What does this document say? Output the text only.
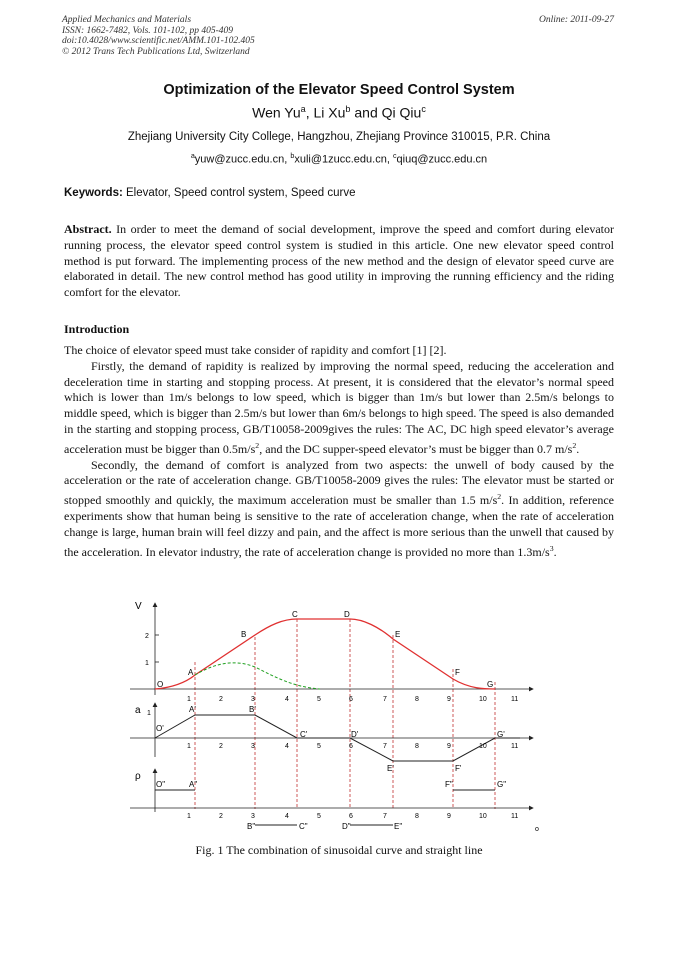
Applied Mechanics and Materials
ISSN: 1662-7482, Vols. 101-102, pp 405-409
doi:10.4028/www.scientific.net/AMM.101-102.405
© 2012 Trans Tech Publications Ltd, Switzerland
Online: 2011-09-27
Optimization of the Elevator Speed Control System
Wen Yu$^a$, Li Xu$^b$ and Qi Qiu$^c$
Zhejiang University City College, Hangzhou, Zhejiang Province 310015, P.R. China
$^a$yuw@zucc.edu.cn, $^b$xuli@1zucc.edu.cn, $^c$qiuq@zucc.edu.cn
Keywords: Elevator, Speed control system, Speed curve

Abstract. In order to meet the demand of social development, improve the speed and comfort during elevator running process, the elevator speed control system is studied in this article. One new elevator speed control method is put forward. The implementing process of the new method and the design of elevator speed curve are elaborated in detail. The new control method has good utility in improving the running efficiency and the riding comfort for the elevator.

Introduction

The choice of elevator speed must take consider of rapidity and comfort [1] [2].

Firstly, the demand of rapidity is realized by improving the normal speed, reducing the acceleration and deceleration time in starting and stopping process. At present, it is considered that the elevator’s normal speed which is lower than 1m/s belongs to low speed, which is bigger than 1m/s but lower than 2.5m/s belongs to middle speed, which is bigger than 2.5m/s but lower than 6m/s belongs to high speed. The speed is also demanded in the starting and stopping process, GB/T10058-2009gives the rules: The AC, DC high speed elevator’s average acceleration must be bigger than $0.5m/s^2$, and the DC supper-speed elevator’s must be bigger than 0.7 $m/s^2$.

Secondly, the demand of comfort is analyzed from two aspects: the unwell of body caused by the acceleration or the rate of acceleration change. GB/T10058-2009 gives the rules: The elevator must be started or stopped smoothly and quickly, the maximum acceleration must be smaller than 1.5 $m/s^2$. In addition, reference experiments show that human being is sensitive to the rate of acceleration change, when the rate of acceleration change is large, human brain will feel dizzy and pain, and the affect is more serious than the unwell that caused by the acceleration. In elevator industry, the rate of acceleration change is provided no more than $1.3m/s^3$.

V
1
2
1	2	3	4	5	6	7	8	9	10	11
O
A
B
C	D
E
F
G
a 1
1	2	3	4	5	6	7	8	9	10	11
O'
A'	B'
C'	D'
E'	F'
G'
ρ
1	2	3	4	5	6	7	8	9	10	11
O"	A"
B"	C"	D"	E"
F"	G"
o
Fig. 1 The combination of sinusoidal curve and straight line
